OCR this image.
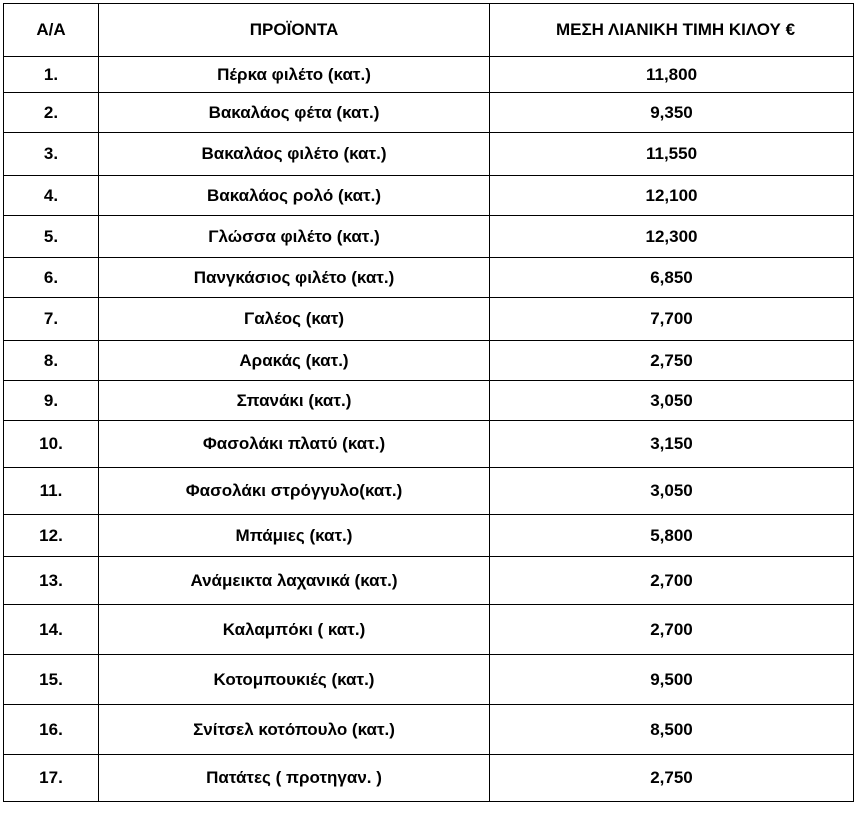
Α/Α	ΠΡΟΪΟΝΤΑ	ΜΕΣΗ ΛΙΑΝΙΚΗ ΤΙΜΗ ΚΙΛΟΥ €
1.	Πέρκα φιλέτο (κατ.)	11,800
2.	Βακαλάος φέτα (κατ.)	9,350
3.	Βακαλάος φιλέτο (κατ.)	11,550
4.	Βακαλάος ρολό (κατ.)	12,100
5.	Γλώσσα φιλέτο (κατ.)	12,300
6.	Πανγκάσιος φιλέτο (κατ.)	6,850
7.	Γαλέος (κατ)	7,700
8.	Αρακάς (κατ.)	2,750
9.	Σπανάκι (κατ.)	3,050
10.	Φασολάκι πλατύ (κατ.)	3,150
11.	Φασολάκι στρόγγυλο(κατ.)	3,050
12.	Μπάμιες (κατ.)	5,800
13.	Ανάμεικτα λαχανικά (κατ.)	2,700
14.	Καλαμπόκι ( κατ.)	2,700
15.	Κοτομπουκιές (κατ.)	9,500
16.	Σνίτσελ κοτόπουλο (κατ.)	8,500
17.	Πατάτες ( προτηγαν. )	2,750
